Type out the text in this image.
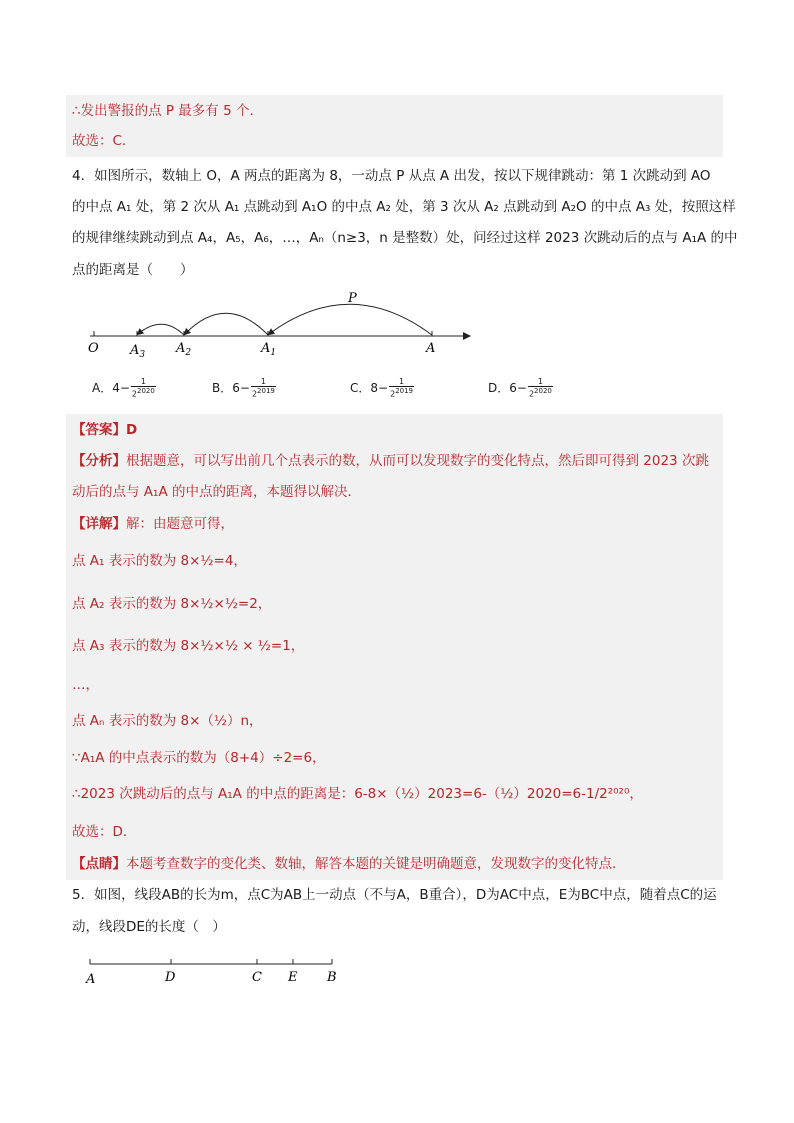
∴发出警报的点 P 最多有 5 个．
故选：C．
4．如图所示，数轴上 O，A 两点的距离为 8，一动点 P 从点 A 出发，按以下规律跳动：第 1 次跳动到 AO
的中点 A₁ 处，第 2 次从 A₁ 点跳动到 A₁O 的中点 A₂ 处，第 3 次从 A₂ 点跳动到 A₂O 的中点 A₃ 处，按照这样
的规律继续跳动到点 A₄，A₅，A₆，…，Aₙ（n≥3，n 是整数）处，问经过这样 2023 次跳动后的点与 A₁A 的中
点的距离是（　　）
P
O $A_3$ $A_2$	$A_1$	A
A．$4- \frac{1}{22020}$	B．$6- \frac{1}{22019}$	C．$8- \frac{1}{22019}$	D．$6- \frac{1}{22020}$
【答案】D
【分析】根据题意，可以写出前几个点表示的数，从而可以发现数字的变化特点，然后即可得到 2023 次跳
动后的点与 A₁A 的中点的距离，本题得以解决．
【详解】解：由题意可得，
点 A₁ 表示的数为 8×½=4，
点 A₂ 表示的数为 8×½×½=2，
点 A₃ 表示的数为 8×½×½ × ½=1，
…，
点 Aₙ 表示的数为 8×（½）n，
∵A₁A 的中点表示的数为（8+4）÷2=6，
∴2023 次跳动后的点与 A₁A 的中点的距离是：6-8×（½）2023=6-（½）2020=6-1/2²⁰²⁰，
故选：D．
【点睛】本题考查数字的变化类、数轴，解答本题的关键是明确题意，发现数字的变化特点．
5．如图，线段AB的长为m，点C为AB上一动点（不与A，B重合），D为AC中点，E为BC中点，随着点C的运
动，线段DE的长度（　）
A	D	C E B
